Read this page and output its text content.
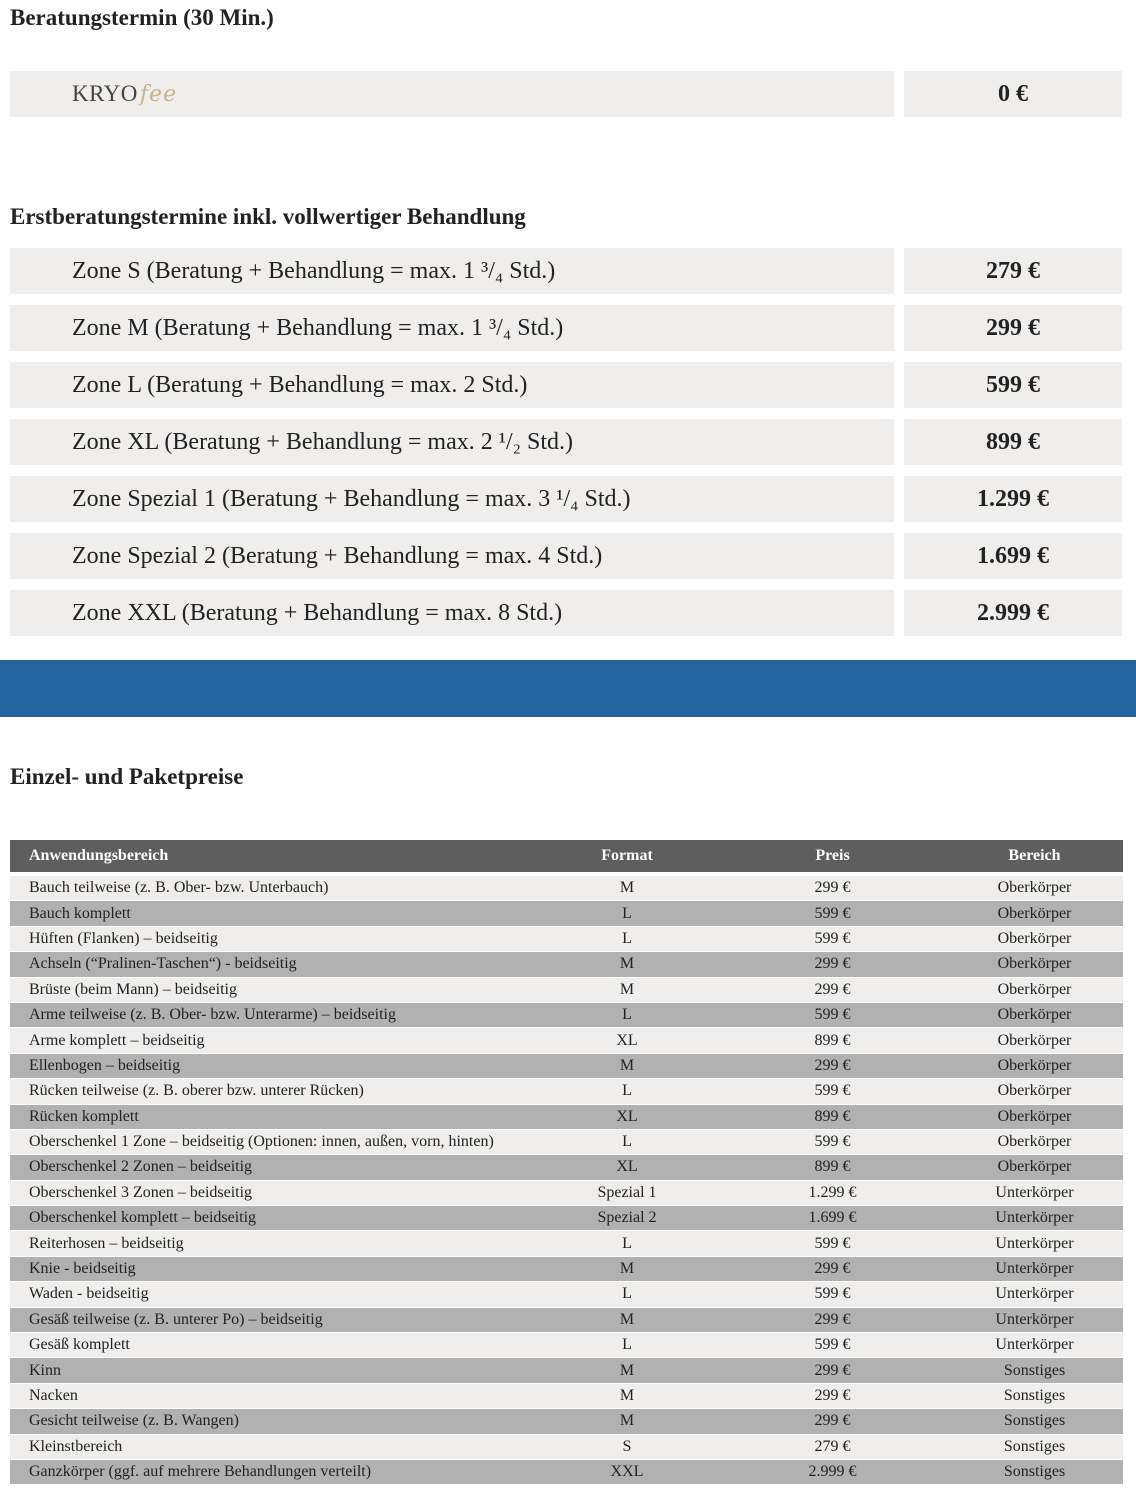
Beratungstermin (30 Min.)
KRYO fee	0 €
Erstberatungstermine inkl. vollwertiger Behandlung
Zone S (Beratung + Behandlung = max. 1 ³/₄ Std.)	279 €
Zone M (Beratung + Behandlung = max. 1 ³/₄ Std.)	299 €
Zone L (Beratung + Behandlung = max. 2 Std.)	599 €
Zone XL (Beratung + Behandlung = max. 2 ¹/₂ Std.)	899 €
Zone Spezial 1 (Beratung + Behandlung = max. 3 ¹/₄ Std.)	1.299 €
Zone Spezial 2 (Beratung + Behandlung = max. 4 Std.)	1.699 €
Zone XXL (Beratung + Behandlung = max. 8 Std.)	2.999 €
Einzel- und Paketpreise
Anwendungsbereich	Format	Preis	Bereich
Bauch teilweise (z. B. Ober- bzw. Unterbauch)	M	299 €	Oberkörper
Bauch komplett	L	599 €	Oberkörper
Hüften (Flanken) – beidseitig	L	599 €	Oberkörper
Achseln (“Pralinen-Taschen“) - beidseitig	M	299 €	Oberkörper
Brüste (beim Mann) – beidseitig	M	299 €	Oberkörper
Arme teilweise (z. B. Ober- bzw. Unterarme) – beidseitig	L	599 €	Oberkörper
Arme komplett – beidseitig	XL	899 €	Oberkörper
Ellenbogen – beidseitig	M	299 €	Oberkörper
Rücken teilweise (z. B. oberer bzw. unterer Rücken)	L	599 €	Oberkörper
Rücken komplett	XL	899 €	Oberkörper
Oberschenkel 1 Zone – beidseitig (Optionen: innen, außen, vorn, hinten)	L	599 €	Oberkörper
Oberschenkel 2 Zonen – beidseitig	XL	899 €	Oberkörper
Oberschenkel 3 Zonen – beidseitig	Spezial 1	1.299 €	Unterkörper
Oberschenkel komplett – beidseitig	Spezial 2	1.699 €	Unterkörper
Reiterhosen – beidseitig	L	599 €	Unterkörper
Knie - beidseitig	M	299 €	Unterkörper
Waden - beidseitig	L	599 €	Unterkörper
Gesäß teilweise (z. B. unterer Po) – beidseitig	M	299 €	Unterkörper
Gesäß komplett	L	599 €	Unterkörper
Kinn	M	299 €	Sonstiges
Nacken	M	299 €	Sonstiges
Gesicht teilweise (z. B. Wangen)	M	299 €	Sonstiges
Kleinstbereich	S	279 €	Sonstiges
Ganzkörper (ggf. auf mehrere Behandlungen verteilt)	XXL	2.999 €	Sonstiges
